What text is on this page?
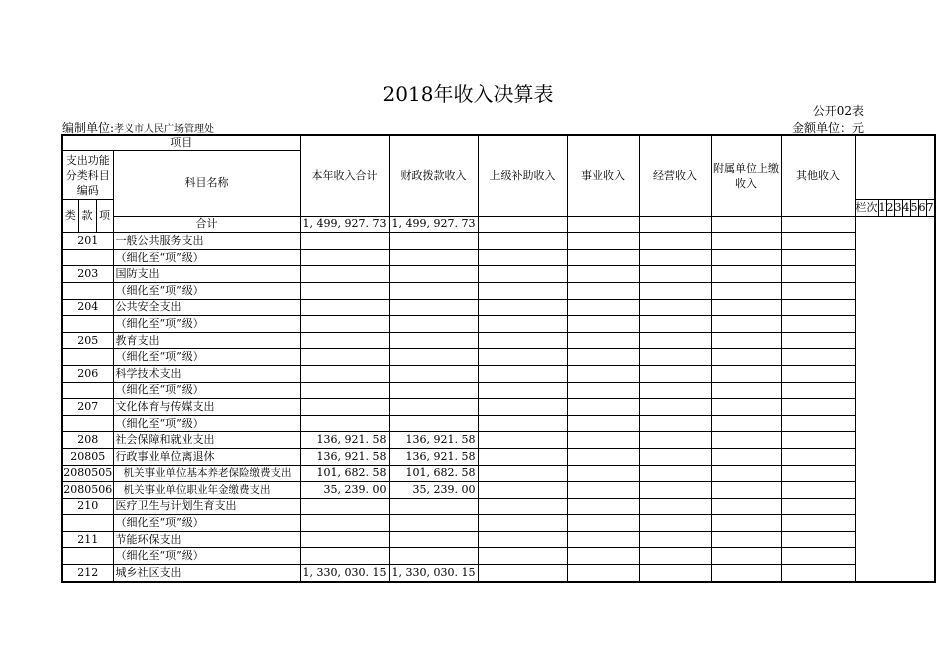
2018年收入决算表
公开02表
编制单位:孝义市人民广场管理处	金额单位：元
项目				本年收入合计	财政拨款收入	上级补助收入	事业收入	经营收入	附属单位上缴收入	其他收入								
支出功能分类科目编码			科目名称															
类	款	项									栏次	1	2	3	4	5	6	7
			合计	1, 499, 927. 73	1, 499, 927. 73													
201			一般公共服务支出															
			（细化至“项”级）															
203			国防支出															
			（细化至“项”级）															
204			公共安全支出															
			（细化至“项”级）															
205			教育支出															
			（细化至“项”级）															
206			科学技术支出															
			（细化至“项”级）															
207			文化体育与传媒支出															
			（细化至“项”级）															
208			社会保障和就业支出	136, 921. 58	136, 921. 58													
20805			行政事业单位离退休	136, 921. 58	136, 921. 58													
2080505			机关事业单位基本养老保险缴费支出	101, 682. 58	101, 682. 58													
2080506			机关事业单位职业年金缴费支出	35, 239. 00	35, 239. 00													
210			医疗卫生与计划生育支出															
			（细化至“项”级）															
211			节能环保支出															
			（细化至“项”级）															
212			城乡社区支出	1, 330, 030. 15	1, 330, 030. 15													
